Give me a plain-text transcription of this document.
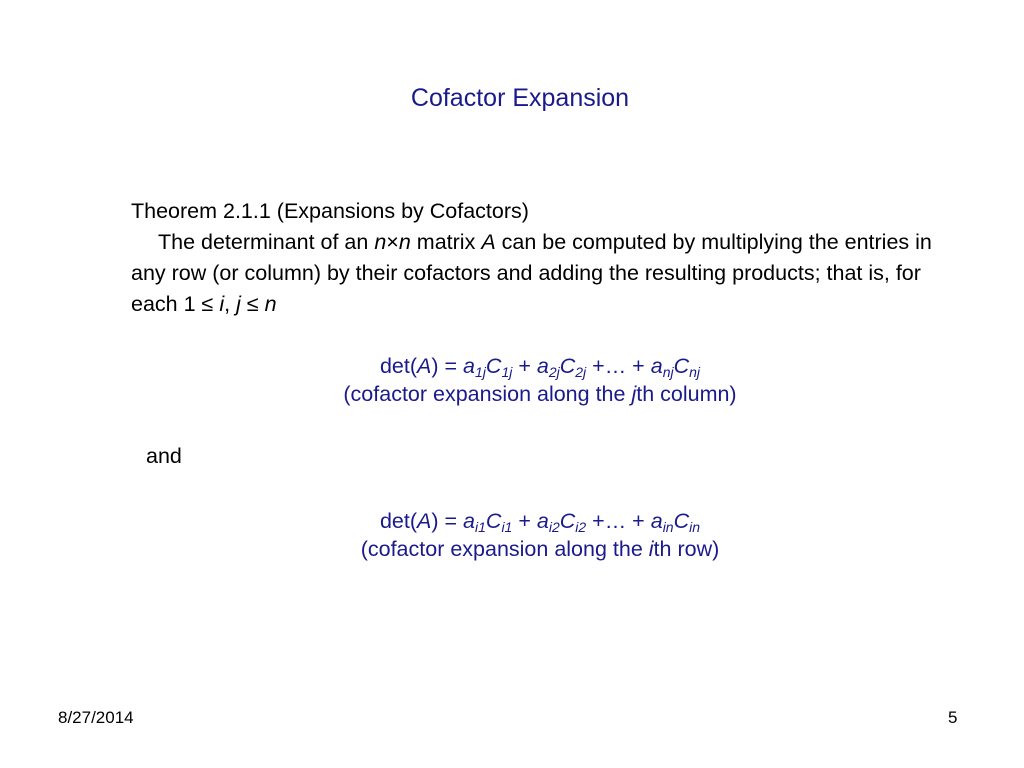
Cofactor Expansion
Theorem 2.1.1 (Expansions by Cofactors)
The determinant of an n×n matrix A can be computed by multiplying the entries in any row (or column) by their cofactors and adding the resulting products; that is, for each 1 ≤ i, j ≤ n
$\det(A) = a_{1j}C_{1j} + a_{2j}C_{2j}$ +… + $a_{nj}C_{nj}$
(cofactor expansion along the jth column)
and
$\det(A) = a_{i1}C_{i1} + a_{i2}C_{i2}$ +… + $a_{in}C_{in}$
(cofactor expansion along the ith row)
8/27/2014	5
